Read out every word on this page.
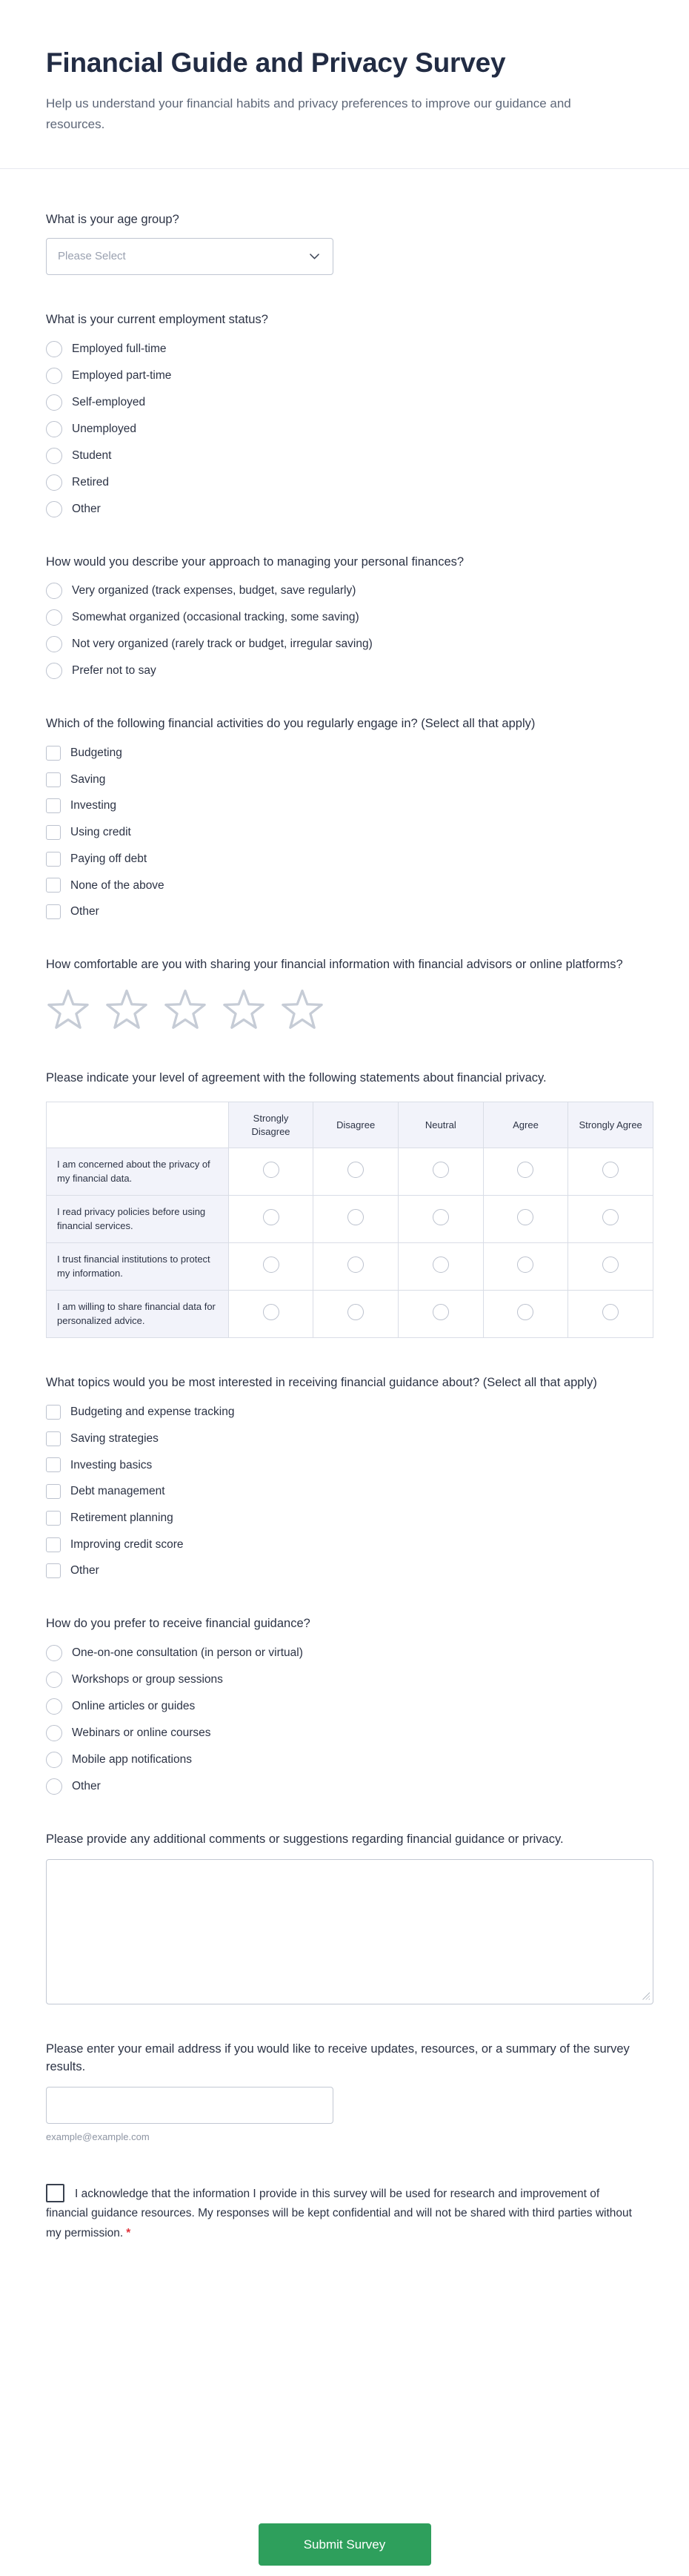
Financial Guide and Privacy Survey

Help us understand your financial habits and privacy preferences to improve our guidance and resources.

What is your age group?
Please Select
What is your current employment status?
Employed full-time
Employed part-time
Self-employed
Unemployed
Student
Retired
Other
How would you describe your approach to managing your personal finances?
Very organized (track expenses, budget, save regularly)
Somewhat organized (occasional tracking, some saving)
Not very organized (rarely track or budget, irregular saving)
Prefer not to say
Which of the following financial activities do you regularly engage in? (Select all that apply)
Budgeting
Saving
Investing
Using credit
Paying off debt
None of the above
Other
How comfortable are you with sharing your financial information with financial advisors or online platforms?
Please indicate your level of agreement with the following statements about financial privacy.
	Strongly Disagree	Disagree	Neutral	Agree	Strongly Agree
I am concerned about the privacy of my financial data.					
I read privacy policies before using financial services.					
I trust financial institutions to protect my information.					
I am willing to share financial data for personalized advice.					
What topics would you be most interested in receiving financial guidance about? (Select all that apply)
Budgeting and expense tracking
Saving strategies
Investing basics
Debt management
Retirement planning
Improving credit score
Other
How do you prefer to receive financial guidance?
One-on-one consultation (in person or virtual)
Workshops or group sessions
Online articles or guides
Webinars or online courses
Mobile app notifications
Other
Please provide any additional comments or suggestions regarding financial guidance or privacy.
Please enter your email address if you would like to receive updates, resources, or a summary of the survey results.
example@example.com
I acknowledge that the information I provide in this survey will be used for research and improvement of financial guidance resources. My responses will be kept confidential and will not be shared with third parties without my permission. *
Submit Survey
